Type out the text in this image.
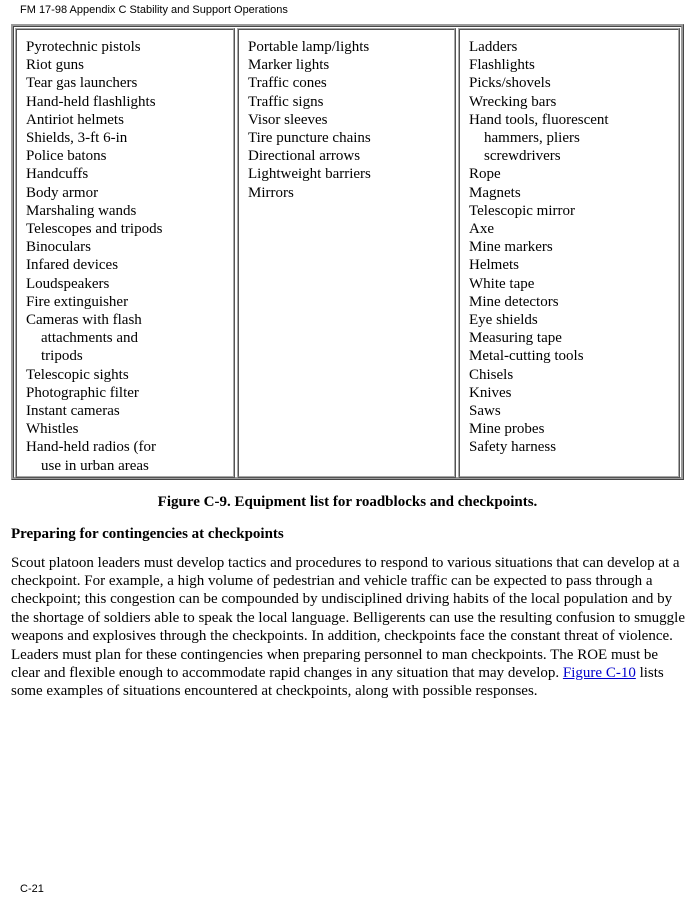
FM 17-98 Appendix C Stability and Support Operations
Pyrotechnic pistols
Riot guns
Tear gas launchers
Hand-held flashlights
Antiriot helmets
Shields, 3-ft 6-in
Police batons
Handcuffs
Body armor
Marshaling wands
Telescopes and tripods
Binoculars
Infared devices
Loudspeakers
Fire extinguisher
Cameras with flash
attachments and
tripods
Telescopic sights
Photographic filter
Instant cameras
Whistles
Hand-held radios (for
use in urban areas
Portable lamp/lights
Marker lights
Traffic cones
Traffic signs
Visor sleeves
Tire puncture chains
Directional arrows
Lightweight barriers
Mirrors
Ladders
Flashlights
Picks/shovels
Wrecking bars
Hand tools, fluorescent
hammers, pliers
screwdrivers
Rope
Magnets
Telescopic mirror
Axe
Mine markers
Helmets
White tape
Mine detectors
Eye shields
Measuring tape
Metal-cutting tools
Chisels
Knives
Saws
Mine probes
Safety harness
Figure C-9. Equipment list for roadblocks and checkpoints.
Preparing for contingencies at checkpoints

Scout platoon leaders must develop tactics and procedures to respond to various situations that can develop at a checkpoint. For example, a high volume of pedestrian and vehicle traffic can be expected to pass through a checkpoint; this congestion can be compounded by undisciplined driving habits of the local population and by the shortage of soldiers able to speak the local language. Belligerents can use the resulting confusion to smuggle weapons and explosives through the checkpoints. In addition, checkpoints face the constant threat of violence.

Leaders must plan for these contingencies when preparing personnel to man checkpoints. The ROE must be clear and flexible enough to accommodate rapid changes in any situation that may develop. Figure C-10 lists some examples of situations encountered at checkpoints, along with possible responses.

C-21
